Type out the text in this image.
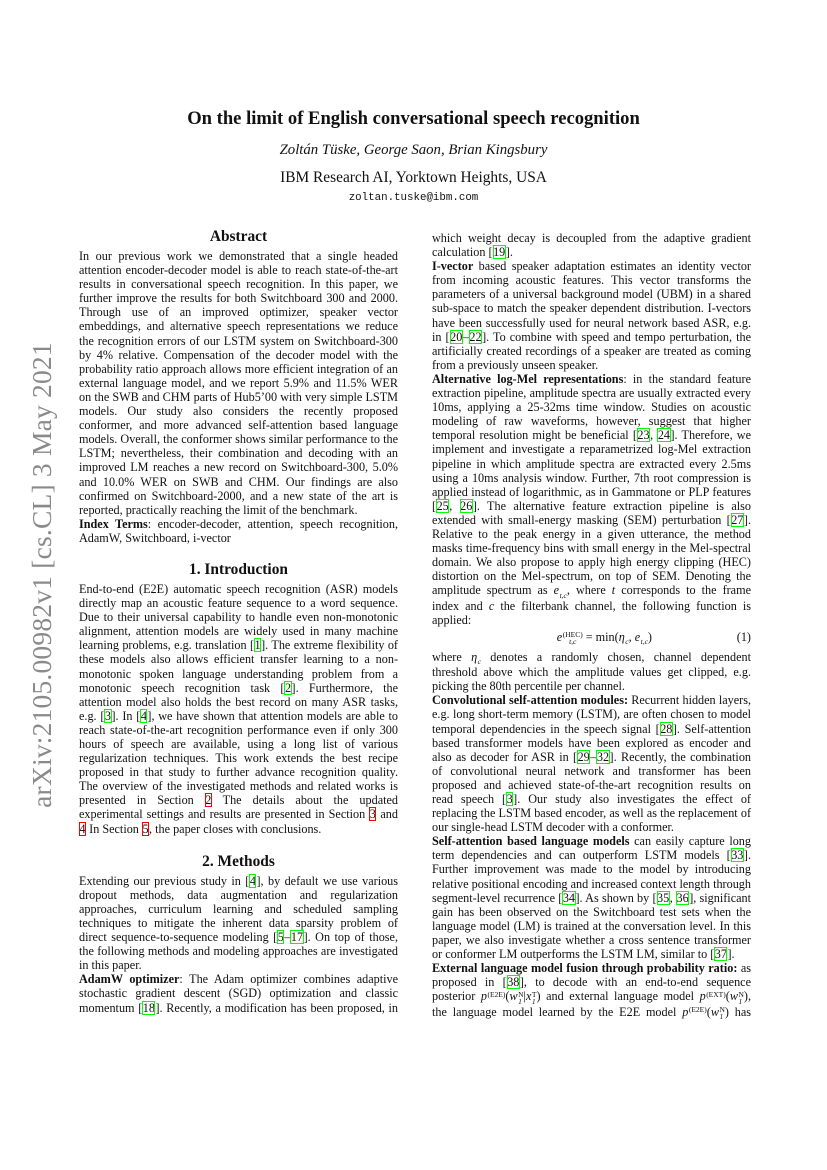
arXiv:2105.00982v1 [cs.CL] 3 May 2021
On the limit of English conversational speech recognition
Zoltán Tüske, George Saon, Brian Kingsbury
IBM Research AI, Yorktown Heights, USA
zoltan.tuske@ibm.com
Abstract

In our previous work we demonstrated that a single headed attention encoder-decoder model is able to reach state-of-the-art results in conversational speech recognition. In this paper, we further improve the results for both Switchboard 300 and 2000. Through use of an improved optimizer, speaker vector embeddings, and alternative speech representations we reduce the recognition errors of our LSTM system on Switchboard-300 by 4% relative. Compensation of the decoder model with the probability ratio approach allows more efficient integration of an external language model, and we report 5.9% and 11.5% WER on the SWB and CHM parts of Hub5’00 with very simple LSTM models. Our study also considers the recently proposed conformer, and more advanced self-attention based language models. Overall, the conformer shows similar performance to the LSTM; nevertheless, their combination and decoding with an improved LM reaches a new record on Switchboard-300, 5.0% and 10.0% WER on SWB and CHM. Our findings are also confirmed on Switchboard-2000, and a new state of the art is reported, practically reaching the limit of the benchmark.

Index Terms: encoder-decoder, attention, speech recognition, AdamW, Switchboard, i-vector

1. Introduction

End-to-end (E2E) automatic speech recognition (ASR) models directly map an acoustic feature sequence to a word sequence. Due to their universal capability to handle even non-monotonic alignment, attention models are widely used in many machine learning problems, e.g. translation [1]. The extreme flexibility of these models also allows efficient transfer learning to a non-monotonic spoken language understanding problem from a monotonic speech recognition task [2]. Furthermore, the attention model also holds the best record on many ASR tasks, e.g. [3]. In [4], we have shown that attention models are able to reach state-of-the-art recognition performance even if only 300 hours of speech are available, using a long list of various regularization techniques. This work extends the best recipe proposed in that study to further advance recognition quality. The overview of the investigated methods and related works is presented in Section 2 The details about the updated experimental settings and results are presented in Section 3 and 4 In Section 5, the paper closes with conclusions.

2. Methods

Extending our previous study in [4], by default we use various dropout methods, data augmentation and regularization approaches, curriculum learning and scheduled sampling techniques to mitigate the inherent data sparsity problem of direct sequence-to-sequence modeling [5–17]. On top of those, the following methods and modeling approaches are investigated in this paper.

AdamW optimizer: The Adam optimizer combines adaptive stochastic gradient descent (SGD) optimization and classic momentum [18]. Recently, a modification has been proposed, in

which weight decay is decoupled from the adaptive gradient calculation [19].

I-vector based speaker adaptation estimates an identity vector from incoming acoustic features. This vector transforms the parameters of a universal background model (UBM) in a shared sub-space to match the speaker dependent distribution. I-vectors have been successfully used for neural network based ASR, e.g. in [20–22]. To combine with speed and tempo perturbation, the artificially created recordings of a speaker are treated as coming from a previously unseen speaker.

Alternative log-Mel representations: in the standard feature extraction pipeline, amplitude spectra are usually extracted every 10ms, applying a 25-32ms time window. Studies on acoustic modeling of raw waveforms, however, suggest that higher temporal resolution might be beneficial [23, 24]. Therefore, we implement and investigate a reparametrized log-Mel extraction pipeline in which amplitude spectra are extracted every 2.5ms using a 10ms analysis window. Further, 7th root compression is applied instead of logarithmic, as in Gammatone or PLP features [25, 26]. The alternative feature extraction pipeline is also extended with small-energy masking (SEM) perturbation [27]. Relative to the peak energy in a given utterance, the method masks time-frequency bins with small energy in the Mel-spectral domain. We also propose to apply high energy clipping (HEC) distortion on the Mel-spectrum, on top of SEM. Denoting the amplitude spectrum as e
t,c , where t corresponds to the frame index and c the filterbank channel, the following function is applied:

e (HEC)
t,c = min(η
c , e
t,c )	(1)

where η
c denotes a randomly chosen, channel dependent threshold above which the amplitude values get clipped, e.g. picking the 80th percentile per channel.

Convolutional self-attention modules: Recurrent hidden layers, e.g. long short-term memory (LSTM), are often chosen to model temporal dependencies in the speech signal [28]. Self-attention based transformer models have been explored as encoder and also as decoder for ASR in [29–32]. Recently, the combination of convolutional neural network and transformer has been proposed and achieved state-of-the-art recognition results on read speech [3]. Our study also investigates the effect of replacing the LSTM based encoder, as well as the replacement of our single-head LSTM decoder with a conformer.

Self-attention based language models can easily capture long term dependencies and can outperform LSTM models [33]. Further improvement was made to the model by introducing relative positional encoding and increased context length through segment-level recurrence [34]. As shown by [35, 36], significant gain has been observed on the Switchboard test sets when the language model (LM) is trained at the conversation level. In this paper, we also investigate whether a cross sentence transformer or conformer LM outperforms the LSTM LM, similar to [37].

External language model fusion through probability ratio: as proposed in [38], to decode with an end-to-end sequence posterior p (E2E)
(w N
1 |x T
1 ) and external language model p (EXT)
(w N
1 ), the language model learned by the E2E model p (E2E)
(w N
1 ) has
